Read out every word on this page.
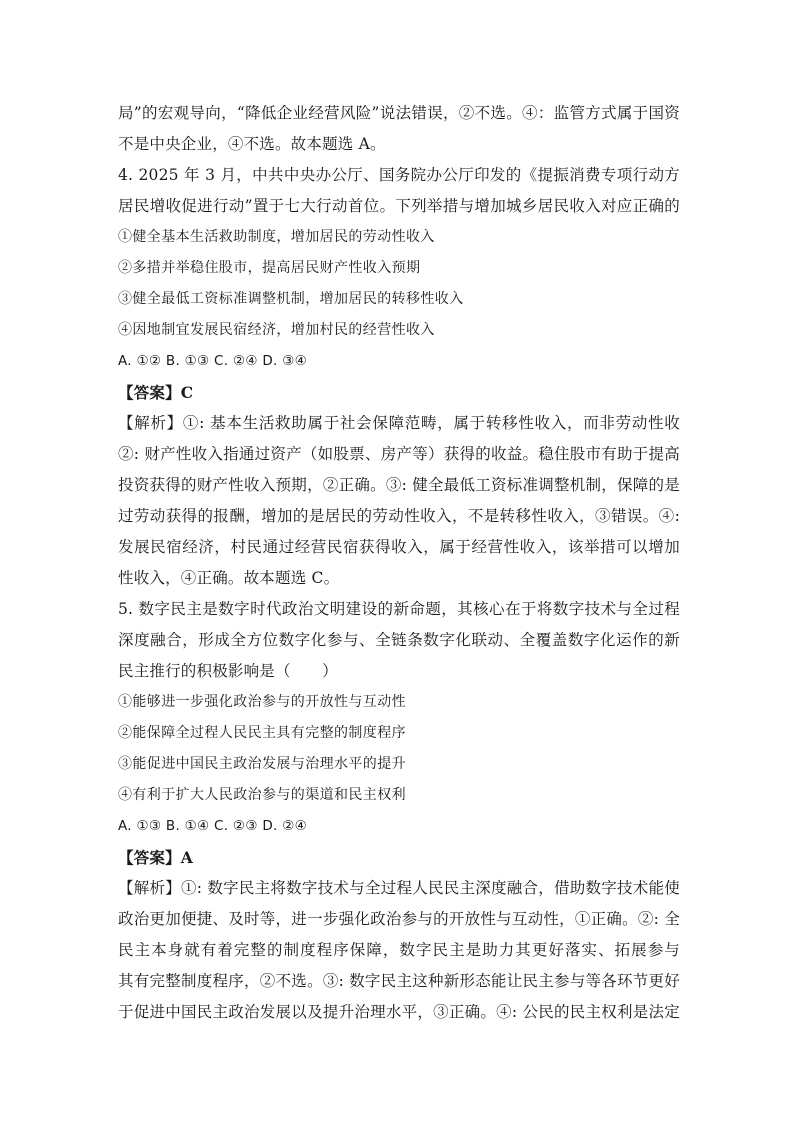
局”的宏观导向，“降低企业经营风险”说法错误，②不选。④：监管方式属于国资
不是中央企业，④不选。故本题选 A。
4. 2025 年 3 月，中共中央办公厅、国务院办公厅印发的《提振消费专项行动方
居民增收促进行动”置于七大行动首位。下列举措与增加城乡居民收入对应正确的　　
①健全基本生活救助制度，增加居民的劳动性收入
②多措并举稳住股市，提高居民财产性收入预期
③健全最低工资标准调整机制，增加居民的转移性收入
④因地制宜发展民宿经济，增加村民的经营性收入
A. ①② B. ①③ C. ②④ D. ③④
【答案】C
【解析】①: 基本生活救助属于社会保障范畴，属于转移性收入，而非劳动性收
②: 财产性收入指通过资产（如股票、房产等）获得的收益。稳住股市有助于提高
投资获得的财产性收入预期，②正确。③: 健全最低工资标准调整机制，保障的是
过劳动获得的报酬，增加的是居民的劳动性收入，不是转移性收入，③错误。④:
发展民宿经济，村民通过经营民宿获得收入，属于经营性收入，该举措可以增加
性收入，④正确。故本题选 C。
5. 数字民主是数字时代政治文明建设的新命题，其核心在于将数字技术与全过程
深度融合，形成全方位数字化参与、全链条数字化联动、全覆盖数字化运作的新
民主推行的积极影响是（　　）
①能够进一步强化政治参与的开放性与互动性
②能保障全过程人民民主具有完整的制度程序
③能促进中国民主政治发展与治理水平的提升
④有利于扩大人民政治参与的渠道和民主权利
A. ①③ B. ①④ C. ②③ D. ②④
【答案】A
【解析】①: 数字民主将数字技术与全过程人民民主深度融合，借助数字技术能使
政治更加便捷、及时等，进一步强化政治参与的开放性与互动性，①正确。②: 全
民主本身就有着完整的制度程序保障，数字民主是助力其更好落实、拓展参与
其有完整制度程序，②不选。③: 数字民主这种新形态能让民主参与等各环节更好
于促进中国民主政治发展以及提升治理水平，③正确。④: 公民的民主权利是法定
